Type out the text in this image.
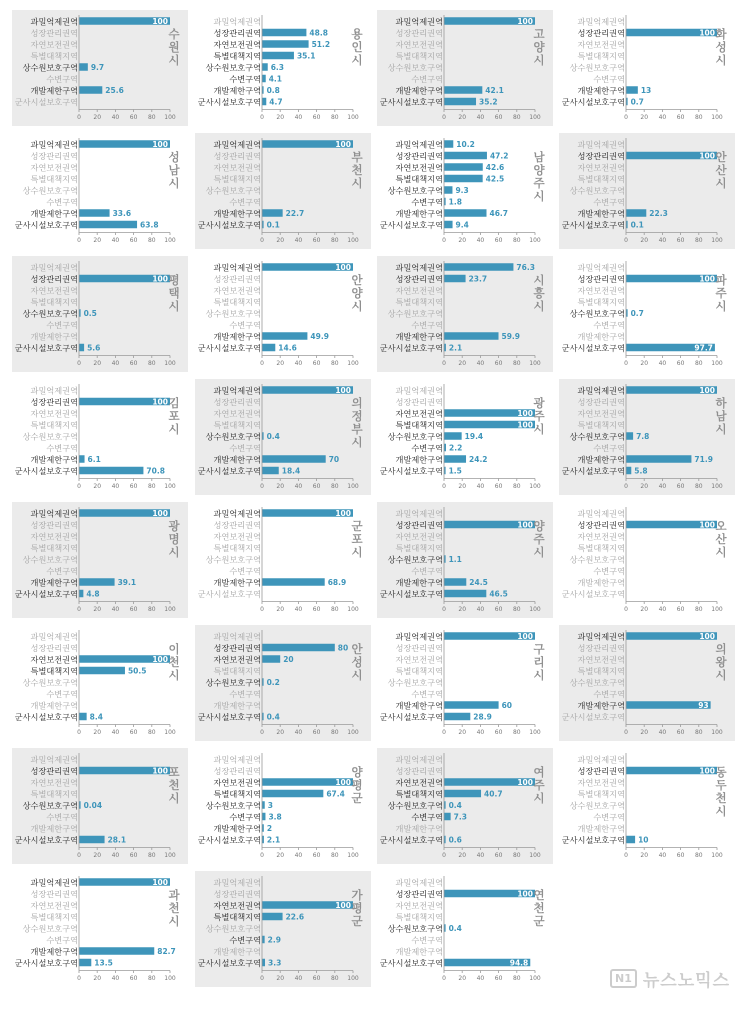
과밀억제권역	100
성장관리권역
자연보전권역
특별대책지역
상수원보호구역 9.7
수변구역
개발제한구역	25.6
군사시설보호구역
0 20 40 60 80 100
수원시
과밀억제권역
성장관리권역	48.8
자연보전권역	51.2
특별대책지역	35.1
상수원보호구역 6.3
수변구역 4.1
개발제한구역 0.8
군사시설보호구역 4.7
0 20 40 60 80 100
용인시
과밀억제권역	100
성장관리권역
자연보전권역
특별대책지역
상수원보호구역
수변구역
개발제한구역	42.1
군사시설보호구역	35.2
0 20 40 60 80 100
고양시
과밀억제권역
성장관리권역	100
자연보전권역
특별대책지역
상수원보호구역
수변구역
개발제한구역 13
군사시설보호구역 0.7
0 20 40 60 80 100
화성시
과밀억제권역	100
성장관리권역
자연보전권역
특별대책지역
상수원보호구역
수변구역
개발제한구역	33.6
군사시설보호구역	63.8
0 20 40 60 80 100
성남시
과밀억제권역	100
성장관리권역
자연보전권역
특별대책지역
상수원보호구역
수변구역
개발제한구역	22.7
군사시설보호구역 0.1
0 20 40 60 80 100
부천시
과밀억제권역 10.2
성장관리권역	47.2
자연보전권역	42.6
특별대책지역	42.5
상수원보호구역 9.3
수변구역 1.8
개발제한구역	46.7
군사시설보호구역 9.4
0 20 40 60 80 100
남양주시
과밀억제권역
성장관리권역	100
자연보전권역
특별대책지역
상수원보호구역
수변구역
개발제한구역	22.3
군사시설보호구역 0.1
0 20 40 60 80 100
안산시
과밀억제권역
성장관리권역	100
자연보전권역
특별대책지역
상수원보호구역 0.5
수변구역
개발제한구역
군사시설보호구역 5.6
0 20 40 60 80 100
평택시
과밀억제권역	100
성장관리권역
자연보전권역
특별대책지역
상수원보호구역
수변구역
개발제한구역	49.9
군사시설보호구역 14.6
0 20 40 60 80 100
안양시
과밀억제권역	76.3
성장관리권역	23.7
자연보전권역
특별대책지역
상수원보호구역
수변구역
개발제한구역	59.9
군사시설보호구역 2.1
0 20 40 60 80 100
시흥시
과밀억제권역
성장관리권역	100
자연보전권역
특별대책지역
상수원보호구역 0.7
수변구역
개발제한구역
군사시설보호구역	97.7
0 20 40 60 80 100
파주시
과밀억제권역
성장관리권역	100
자연보전권역
특별대책지역
상수원보호구역
수변구역
개발제한구역 6.1
군사시설보호구역	70.8
0 20 40 60 80 100
김포시
과밀억제권역	100
성장관리권역
자연보전권역
특별대책지역
상수원보호구역 0.4
수변구역
개발제한구역	70
군사시설보호구역	18.4
0 20 40 60 80 100
의정부시
과밀억제권역
성장관리권역
자연보전권역	100
특별대책지역	100
상수원보호구역	19.4
수변구역 2.2
개발제한구역	24.2
군사시설보호구역 1.5
0 20 40 60 80 100
광주시
과밀억제권역	100
성장관리권역
자연보전권역
특별대책지역
상수원보호구역 7.8
수변구역
개발제한구역	71.9
군사시설보호구역 5.8
0 20 40 60 80 100
하남시
과밀억제권역	100
성장관리권역
자연보전권역
특별대책지역
상수원보호구역
수변구역
개발제한구역	39.1
군사시설보호구역 4.8
0 20 40 60 80 100
광명시
과밀억제권역	100
성장관리권역
자연보전권역
특별대책지역
상수원보호구역
수변구역
개발제한구역	68.9
군사시설보호구역
0 20 40 60 80 100
군포시
과밀억제권역
성장관리권역	100
자연보전권역
특별대책지역
상수원보호구역 1.1
수변구역
개발제한구역	24.5
군사시설보호구역	46.5
0 20 40 60 80 100
양주시
과밀억제권역
성장관리권역	100
자연보전권역
특별대책지역
상수원보호구역
수변구역
개발제한구역
군사시설보호구역
0 20 40 60 80 100
오산시
과밀억제권역
성장관리권역
자연보전권역	100
특별대책지역	50.5
상수원보호구역
수변구역
개발제한구역
군사시설보호구역 8.4
0 20 40 60 80 100
이천시
과밀억제권역
성장관리권역	80
자연보전권역	20
특별대책지역
상수원보호구역 0.2
수변구역
개발제한구역
군사시설보호구역 0.4
0 20 40 60 80 100
안성시
과밀억제권역	100
성장관리권역
자연보전권역
특별대책지역
상수원보호구역
수변구역
개발제한구역	60
군사시설보호구역	28.9
0 20 40 60 80 100
구리시
과밀억제권역	100
성장관리권역
자연보전권역
특별대책지역
상수원보호구역
수변구역
개발제한구역	93
군사시설보호구역
0 20 40 60 80 100
의왕시
과밀억제권역
성장관리권역	100
자연보전권역
특별대책지역
상수원보호구역 0.04
수변구역
개발제한구역
군사시설보호구역	28.1
0 20 40 60 80 100
포천시
과밀억제권역
성장관리권역
자연보전권역	100
특별대책지역	67.4
상수원보호구역 3
수변구역 3.8
개발제한구역 2
군사시설보호구역 2.1
0 20 40 60 80 100
양평군
과밀억제권역
성장관리권역
자연보전권역	100
특별대책지역	40.7
상수원보호구역 0.4
수변구역 7.3
개발제한구역
군사시설보호구역 0.6
0 20 40 60 80 100
여주시
과밀억제권역
성장관리권역	100
자연보전권역
특별대책지역
상수원보호구역
수변구역
개발제한구역
군사시설보호구역 10
0 20 40 60 80 100
동두천시
과밀억제권역	100
성장관리권역
자연보전권역
특별대책지역
상수원보호구역
수변구역
개발제한구역	82.7
군사시설보호구역 13.5
0 20 40 60 80 100
과천시
과밀억제권역
성장관리권역
자연보전권역	100
특별대책지역	22.6
상수원보호구역
수변구역 2.9
개발제한구역
군사시설보호구역 3.3
0 20 40 60 80 100
가평군
과밀억제권역
성장관리권역	100
자연보전권역
특별대책지역
상수원보호구역 0.4
수변구역
개발제한구역
군사시설보호구역	94.8
0 20 40 60 80 100
연천군
N1 뉴스노믹스
